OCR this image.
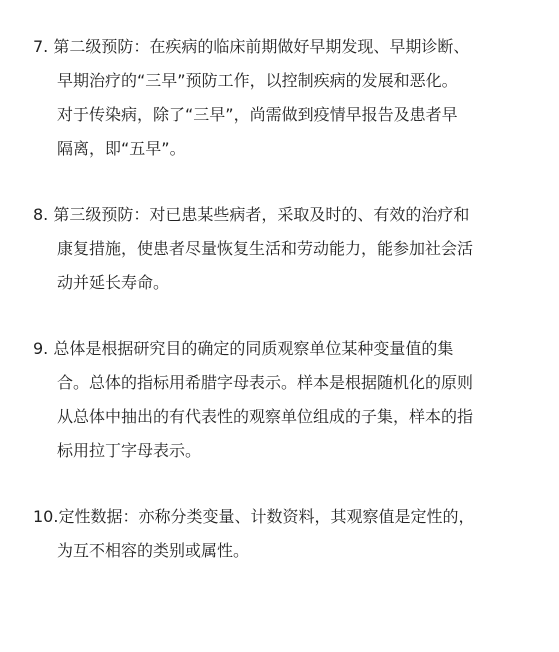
7. 第二级预防：在疾病的临床前期做好早期发现、早期诊断、
早期治疗的“三早”预防工作，以控制疾病的发展和恶化。
对于传染病，除了“三早”，尚需做到疫情早报告及患者早
隔离，即“五早”。
8. 第三级预防：对已患某些病者，采取及时的、有效的治疗和
康复措施，使患者尽量恢复生活和劳动能力，能参加社会活
动并延长寿命。
9. 总体是根据研究目的确定的同质观察单位某种变量值的集
合。总体的指标用希腊字母表示。样本是根据随机化的原则
从总体中抽出的有代表性的观察单位组成的子集，样本的指
标用拉丁字母表示。
10.定性数据：亦称分类变量、计数资料，其观察值是定性的，
为互不相容的类别或属性。
